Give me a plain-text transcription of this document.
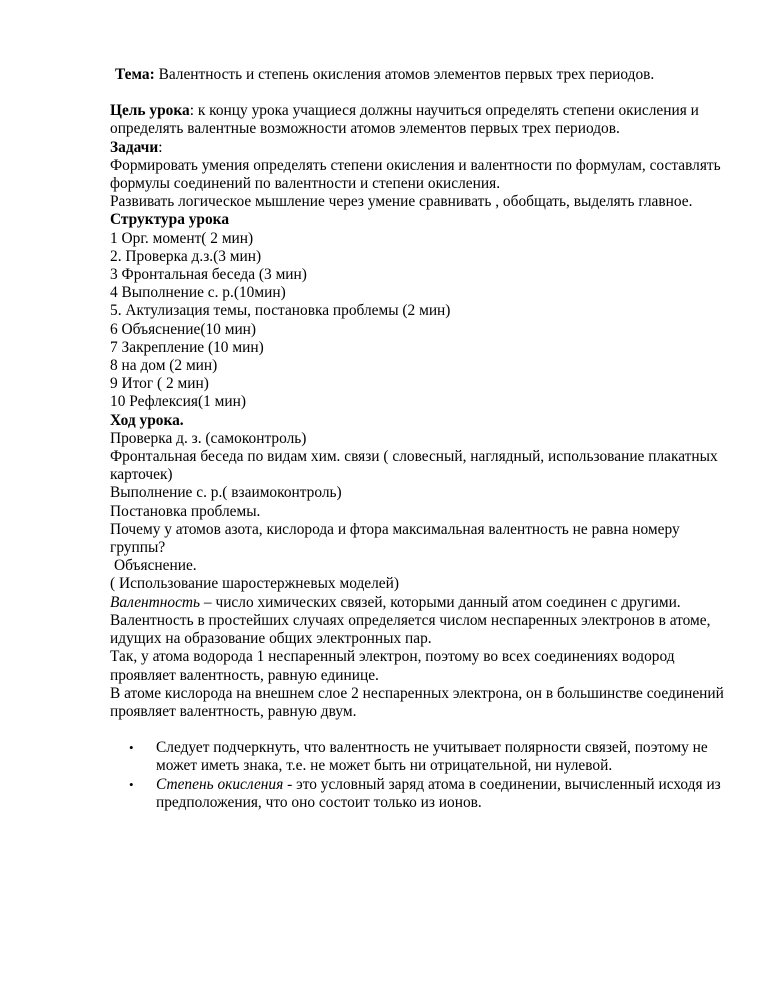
Тема: Валентность и степень окисления атомов элементов первых трех периодов.

Цель урока: к концу урока учащиеся должны научиться определять степени окисления и определять валентные возможности атомов элементов первых трех периодов.

Задачи:

Формировать умения определять степени окисления и валентности по формулам, составлять формулы соединений по валентности и степени окисления.

Развивать логическое мышление через умение сравнивать , обобщать, выделять главное.

Структура урока

1 Орг. момент( 2 мин)

2. Проверка д.з.(3 мин)

3 Фронтальная беседа (3 мин)

4 Выполнение с. р.(10мин)

5. Актулизация темы, постановка проблемы (2 мин)

6 Объяснение(10 мин)

7 Закрепление (10 мин)

8 на дом (2 мин)

9 Итог ( 2 мин)

10 Рефлексия(1 мин)

Ход урока.

Проверка д. з. (самоконтроль)

Фронтальная беседа по видам хим. связи ( словесный, наглядный, использование плакатных карточек)

Выполнение с. р.( взаимоконтроль)

Постановка проблемы.

Почему у атомов азота, кислорода и фтора максимальная валентность не равна номеру группы?

Объяснение.

( Использование шаростержневых моделей)

Валентность – число химических связей, которыми данный атом соединен с другими. Валентность в простейших случаях определяется числом неспаренных электронов в атоме, идущих на образование общих электронных пар.

Так, у атома водорода 1 неспаренный электрон, поэтому во всех соединениях водород проявляет валентность, равную единице.

В атоме кислорода на внешнем слое 2 неспаренных электрона, он в большинстве соединений проявляет валентность, равную двум.

• Следует подчеркнуть, что валентность не учитывает полярности связей, поэтому не может иметь знака, т.е. не может быть ни отрицательной, ни нулевой.
• Степень окисления - это условный заряд атома в соединении, вычисленный исходя из предположения, что оно состоит только из ионов.
